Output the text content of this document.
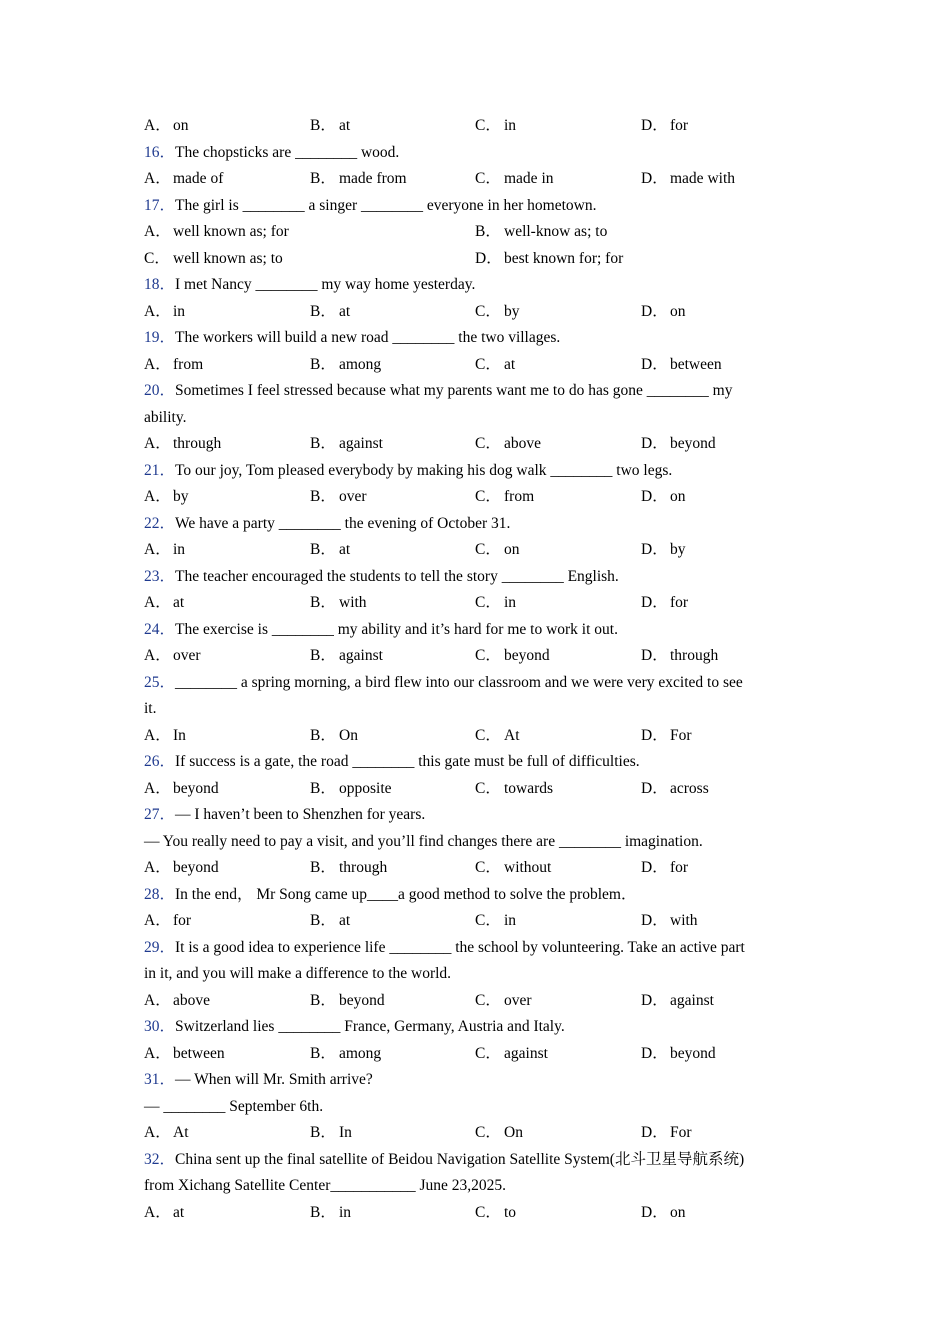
A． on	B． at	C． in	D． for
16．The chopsticks are ________ wood.
A． made of	B． made from	C． made in	D． made with
17．The girl is ________ a singer ________ everyone in her hometown.
A． well known as; for	B． well-know as; to
C． well known as; to	D． best known for; for
18．I met Nancy ________ my way home yesterday.
A． in	B． at	C． by	D． on
19．The workers will build a new road ________ the two villages.
A． from	B． among	C． at	D． between
20．Sometimes I feel stressed because what my parents want me to do has gone ________ my
ability.
A． through	B． against	C． above	D． beyond
21．To our joy, Tom pleased everybody by making his dog walk ________ two legs.
A． by	B． over	C． from	D． on
22．We have a party ________ the evening of October 31.
A． in	B． at	C． on	D． by
23．The teacher encouraged the students to tell the story ________ English.
A． at	B． with	C． in	D． for
24．The exercise is ________ my ability and it’s hard for me to work it out.
A． over	B． against	C． beyond	D． through
25．________ a spring morning, a bird flew into our classroom and we were very excited to see
it.
A． In	B． On	C． At	D． For
26．If success is a gate, the road ________ this gate must be full of difficulties.
A． beyond	B． opposite	C． towards	D． across
27．— I haven’t been to Shenzhen for years.
— You really need to pay a visit, and you’ll find changes there are ________ imagination.
A． beyond	B． through	C． without	D． for
28．In the end， Mr Song came up____a good method to solve the problem．
A． for	B． at	C． in	D． with
29．It is a good idea to experience life ________ the school by volunteering. Take an active part
in it, and you will make a difference to the world.
A． above	B． beyond	C． over	D． against
30．Switzerland lies ________ France, Germany, Austria and Italy.
A． between	B． among	C． against	D． beyond
31．— When will Mr. Smith arrive?
— ________ September 6th.
A． At	B． In	C． On	D． For
32．China sent up the final satellite of Beidou Navigation Satellite System(北斗卫星导航系统)
from Xichang Satellite Center___________ June 23,2025.
A． at	B． in	C． to	D． on
